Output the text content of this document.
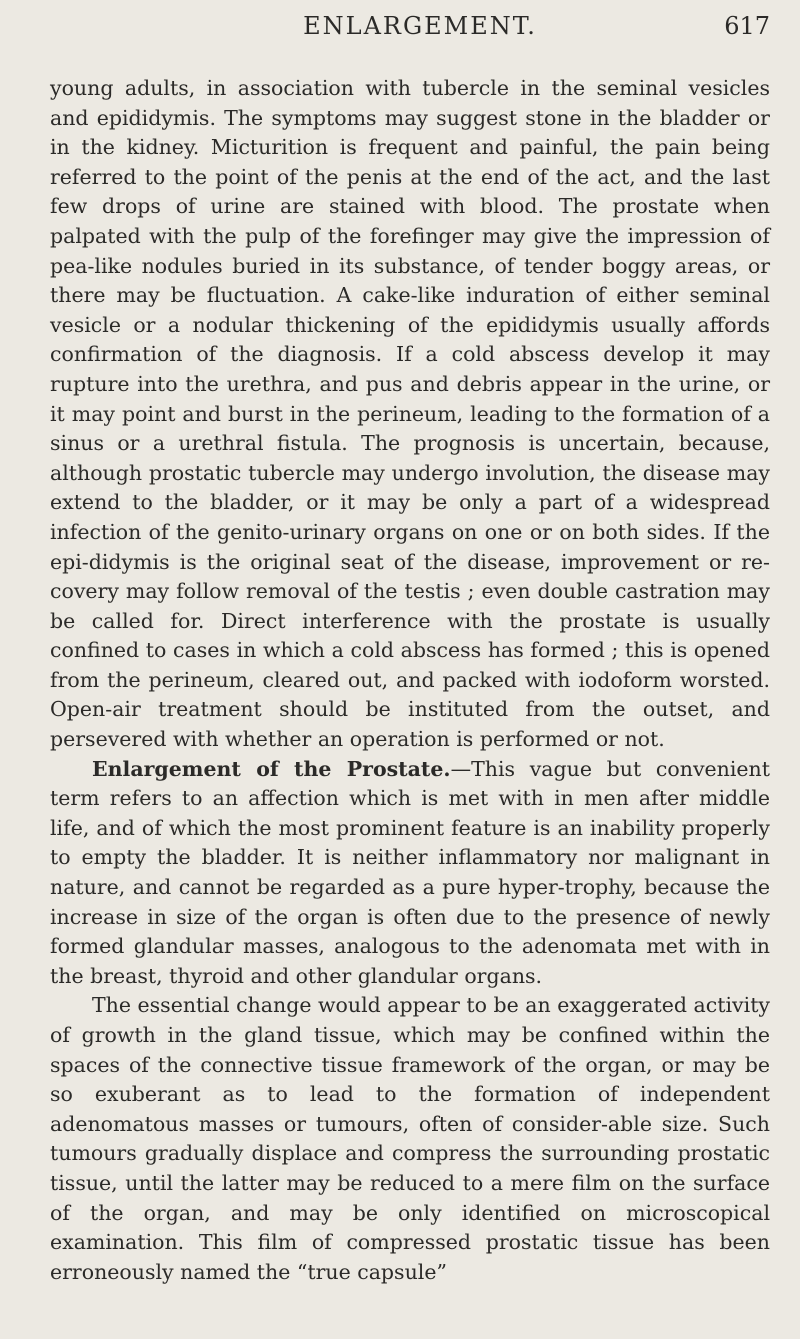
ENLARGEMENT.	617

young adults, in association with tubercle in the seminal vesicles and epididymis. The symptoms may suggest stone in the bladder or in the kidney. Micturition is frequent and painful, the pain being referred to the point of the penis at the end of the act, and the last few drops of urine are stained with blood. The prostate when palpated with the pulp of the forefinger may give the impression of pea-like nodules buried in its substance, of tender boggy areas, or there may be fluctuation. A cake-like induration of either seminal vesicle or a nodular thickening of the epididymis usually affords confirmation of the diagnosis. If a cold abscess develop it may rupture into the urethra, and pus and debris appear in the urine, or it may point and burst in the perineum, leading to the formation of a sinus or a urethral fistula. The prognosis is uncertain, because, although prostatic tubercle may undergo involution, the disease may extend to the bladder, or it may be only a part of a widespread infection of the genito-urinary organs on one or on both sides. If the epi-didymis is the original seat of the disease, improvement or re-covery may follow removal of the testis ; even double castration may be called for. Direct interference with the prostate is usually confined to cases in which a cold abscess has formed ; this is opened from the perineum, cleared out, and packed with iodoform worsted. Open-air treatment should be instituted from the outset, and persevered with whether an operation is performed or not.

Enlargement of the Prostate.—This vague but convenient term refers to an affection which is met with in men after middle life, and of which the most prominent feature is an inability properly to empty the bladder. It is neither inflammatory nor malignant in nature, and cannot be regarded as a pure hyper-trophy, because the increase in size of the organ is often due to the presence of newly formed glandular masses, analogous to the adenomata met with in the breast, thyroid and other glandular organs.

The essential change would appear to be an exaggerated activity of growth in the gland tissue, which may be confined within the spaces of the connective tissue framework of the organ, or may be so exuberant as to lead to the formation of independent adenomatous masses or tumours, often of consider-able size. Such tumours gradually displace and compress the surrounding prostatic tissue, until the latter may be reduced to a mere film on the surface of the organ, and may be only identified on microscopical examination. This film of compressed prostatic tissue has been erroneously named the “true capsule”
